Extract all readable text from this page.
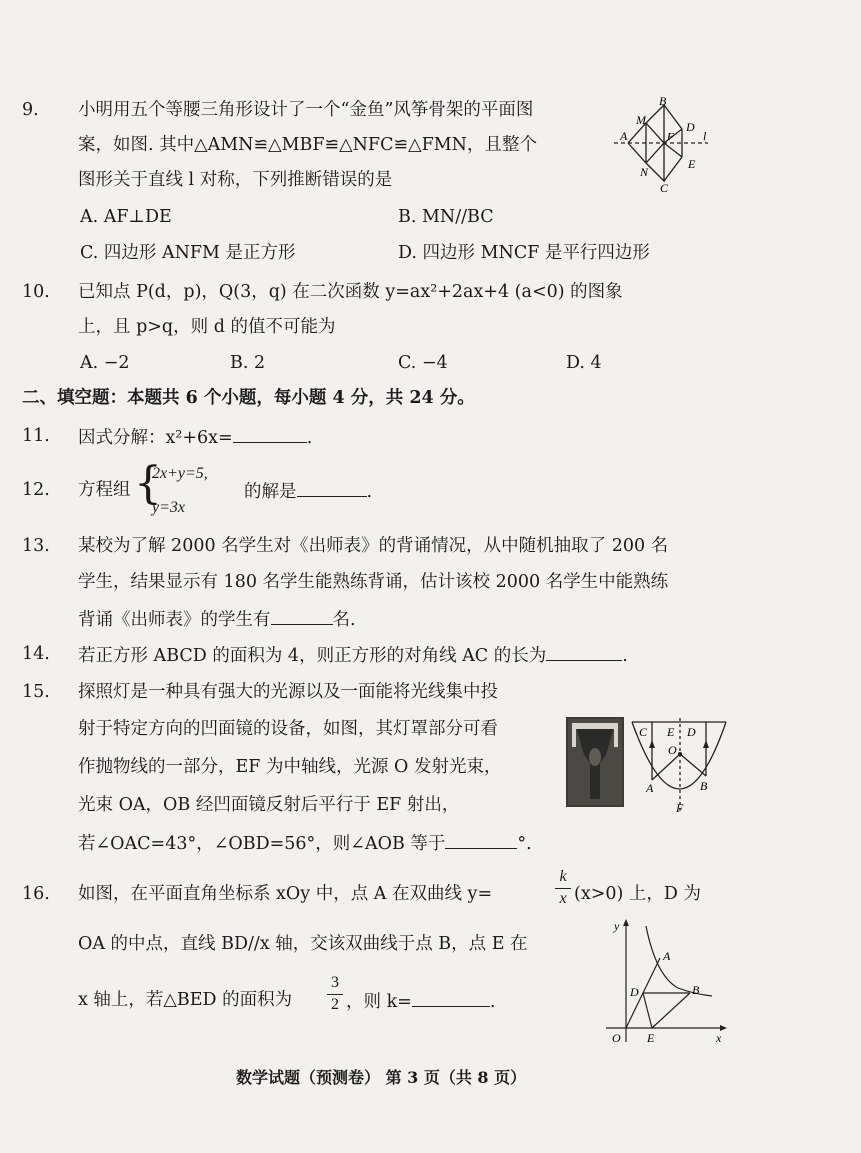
9. 小明用五个等腰三角形设计了一个“金鱼”风筝骨架的平面图
案，如图. 其中△AMN≌△MBF≌△NFC≌△FMN，且整个
图形关于直线 l 对称，下列推断错误的是
A. AF⊥DE	B. MN//BC
C. 四边形 ANFM 是正方形	D. 四边形 MNCF 是平行四边形
B
M	D
A	F l
E
N
C
10. 已知点 P(d，p)，Q(3，q) 在二次函数 y=ax²+2ax+4 (a<0) 的图象
上，且 p>q，则 d 的值不可能为
A. −2	B. 2	C. −4	D. 4
二、填空题：本题共 6 个小题，每小题 4 分，共 24 分。
11. 因式分解：x²+6x=	.
12. 方程组 {
2x+y=5,
y=3x
的解是	.
13. 某校为了解 2000 名学生对《出师表》的背诵情况，从中随机抽取了 200 名
学生，结果显示有 180 名学生能熟练背诵，估计该校 2000 名学生中能熟练
背诵《出师表》的学生有	名.
14. 若正方形 ABCD 的面积为 4，则正方形的对角线 AC 的长为	.
15. 探照灯是一种具有强大的光源以及一面能将光线集中投
射于特定方向的凹面镜的设备，如图，其灯罩部分可看
作抛物线的一部分，EF 为中轴线，光源 O 发射光束，
光束 OA，OB 经凹面镜反射后平行于 EF 射出，
若∠OAC=43°，∠OBD=56°，则∠AOB 等于	°.
C E D
O
A	B
F
16. 如图，在平面直角坐标系 xOy 中，点 A 在双曲线 y=
k
x (x>0) 上，D 为
OA 的中点，直线 BD//x 轴，交该双曲线于点 B，点 E 在
x 轴上，若△BED 的面积为
3
2 ，则 k=	.
y
A
D	B
O E	x
数学试题（预测卷） 第 3 页（共 8 页）
